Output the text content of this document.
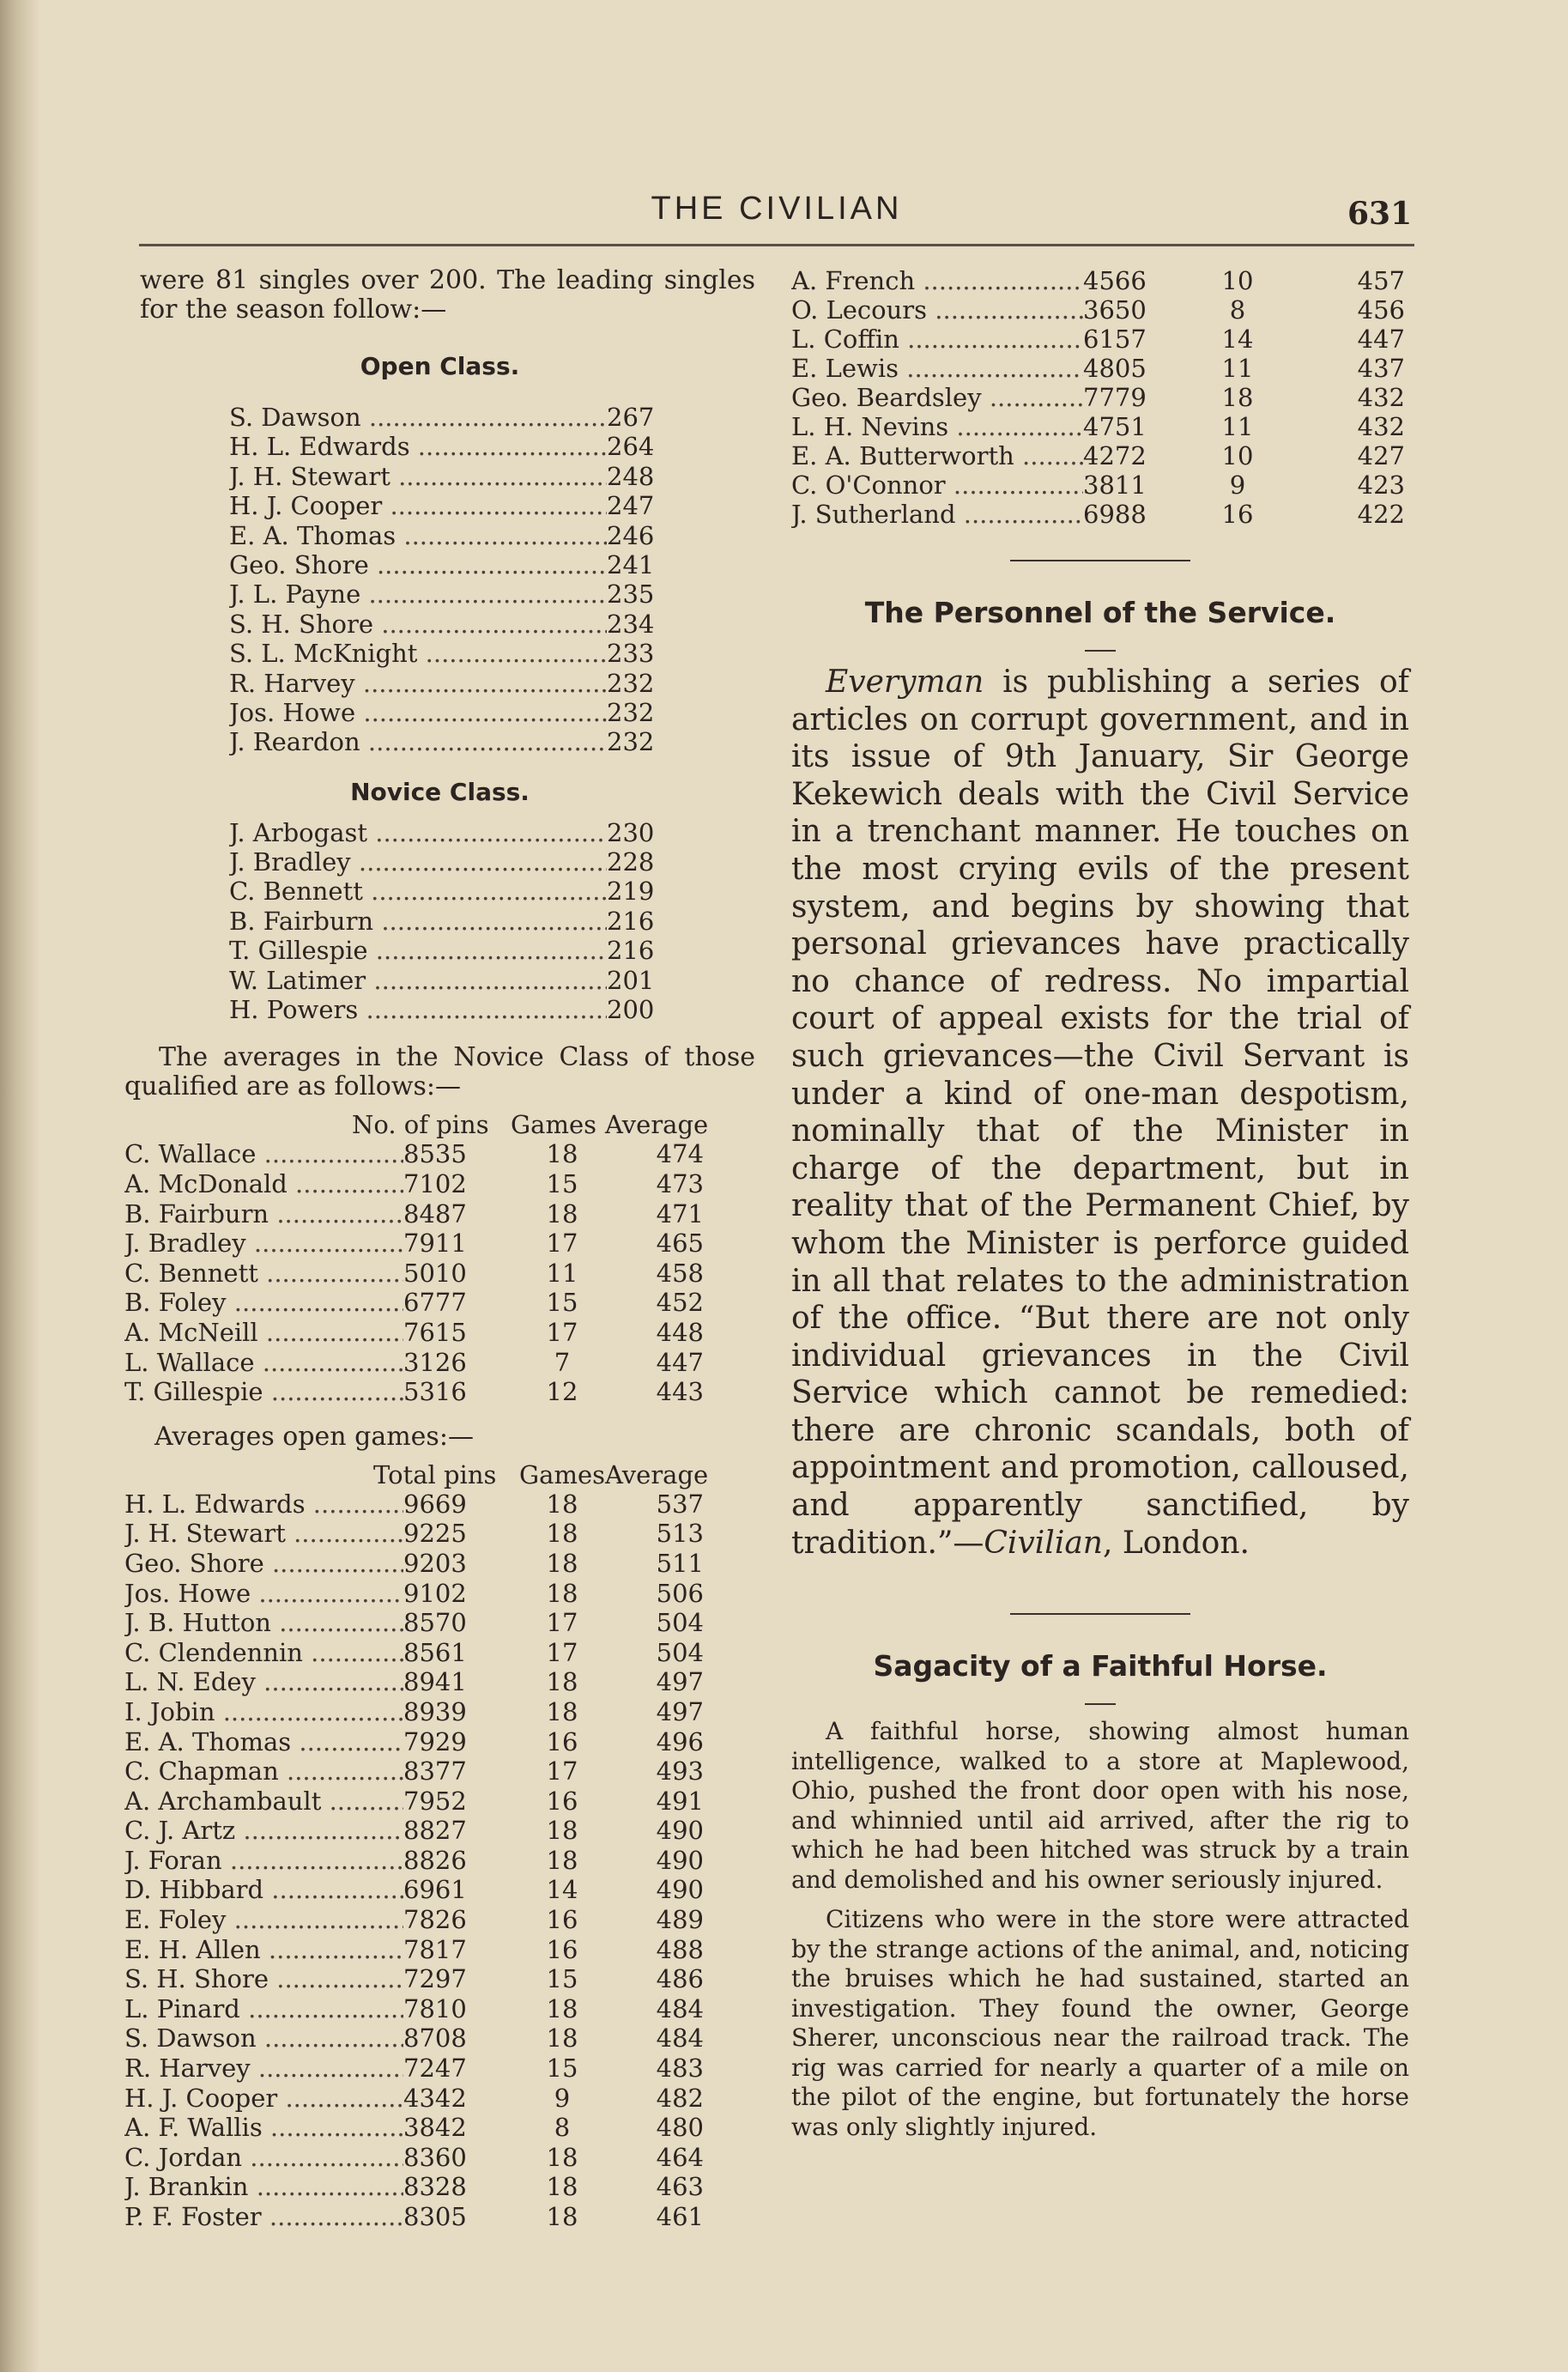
THE CIVILIAN	631

were 81 singles over 200. The leading singles for the season follow:—

Open Class.
S. Dawson .....	267
H. L. Edwards .....	264
J. H. Stewart .....	248
H. J. Cooper .....	247
E. A. Thomas .....	246
Geo. Shore .....	241
J. L. Payne .....	235
S. H. Shore .....	234
S. L. McKnight .....	233
R. Harvey .....	232
Jos. Howe .....	232
J. Reardon .....	232
Novice Class.
J. Arbogast .....	230
J. Bradley .....	228
C. Bennett .....	219
B. Fairburn .....	216
T. Gillespie .....	216
W. Latimer .....	201
H. Powers .....	200

The averages in the Novice Class of those qualified are as follows:—

No. of pins Games Average
C. Wallace .....	8535	18	474
A. McDonald .....	7102	15	473
B. Fairburn .....	8487	18	471
J. Bradley .....	7911	17	465
C. Bennett .....	5010	11	458
B. Foley .....	6777	15	452
A. McNeill .....	7615	17	448
L. Wallace .....	3126	7	447
T. Gillespie .....	5316	12	443

Averages open games:—

Total pins Games Average
H. L. Edwards .....	9669	18	537
J. H. Stewart .....	9225	18	513
Geo. Shore .....	9203	18	511
Jos. Howe .....	9102	18	506
J. B. Hutton .....	8570	17	504
C. Clendennin .....	8561	17	504
L. N. Edey .....	8941	18	497
I. Jobin .....	8939	18	497
E. A. Thomas .....	7929	16	496
C. Chapman .....	8377	17	493
A. Archambault .....	7952	16	491
C. J. Artz .....	8827	18	490
J. Foran .....	8826	18	490
D. Hibbard .....	6961	14	490
E. Foley .....	7826	16	489
E. H. Allen .....	7817	16	488
S. H. Shore .....	7297	15	486
L. Pinard .....	7810	18	484
S. Dawson .....	8708	18	484
R. Harvey .....	7247	15	483
H. J. Cooper .....	4342	9	482
A. F. Wallis .....	3842	8	480
C. Jordan .....	8360	18	464
J. Brankin .....	8328	18	463
P. F. Foster .....	8305	18	461
A. French .....	4566	10	457
O. Lecours .....	3650	8	456
L. Coffin .....	6157	14	447
E. Lewis .....	4805	11	437
Geo. Beardsley .....	7779	18	432
L. H. Nevins .....	4751	11	432
E. A. Butterworth .....	4272	10	427
C. O'Connor .....	3811	9	423
J. Sutherland .....	6988	16	422
The Personnel of the Service.

Everyman is publishing a series of articles on corrupt government, and in its issue of 9th January, Sir George Kekewich deals with the Civil Service in a trenchant manner. He touches on the most crying evils of the present system, and begins by showing that personal grievances have practically no chance of redress. No impartial court of appeal exists for the trial of such grievances—the Civil Servant is under a kind of one-man despotism, nominally that of the Minister in charge of the department, but in reality that of the Permanent Chief, by whom the Minister is perforce guided in all that relates to the administration of the office. “But there are not only individual grievances in the Civil Service which cannot be remedied: there are chronic scandals, both of appointment and promotion, calloused, and apparently sanctified, by tradition.”—Civilian, London.

Sagacity of a Faithful Horse.

A faithful horse, showing almost human intelligence, walked to a store at Maplewood, Ohio, pushed the front door open with his nose, and whinnied until aid arrived, after the rig to which he had been hitched was struck by a train and demolished and his owner seriously injured.

Citizens who were in the store were attracted by the strange actions of the animal, and, noticing the bruises which he had sustained, started an investigation. They found the owner, George Sherer, unconscious near the railroad track. The rig was carried for nearly a quarter of a mile on the pilot of the engine, but fortunately the horse was only slightly injured.
